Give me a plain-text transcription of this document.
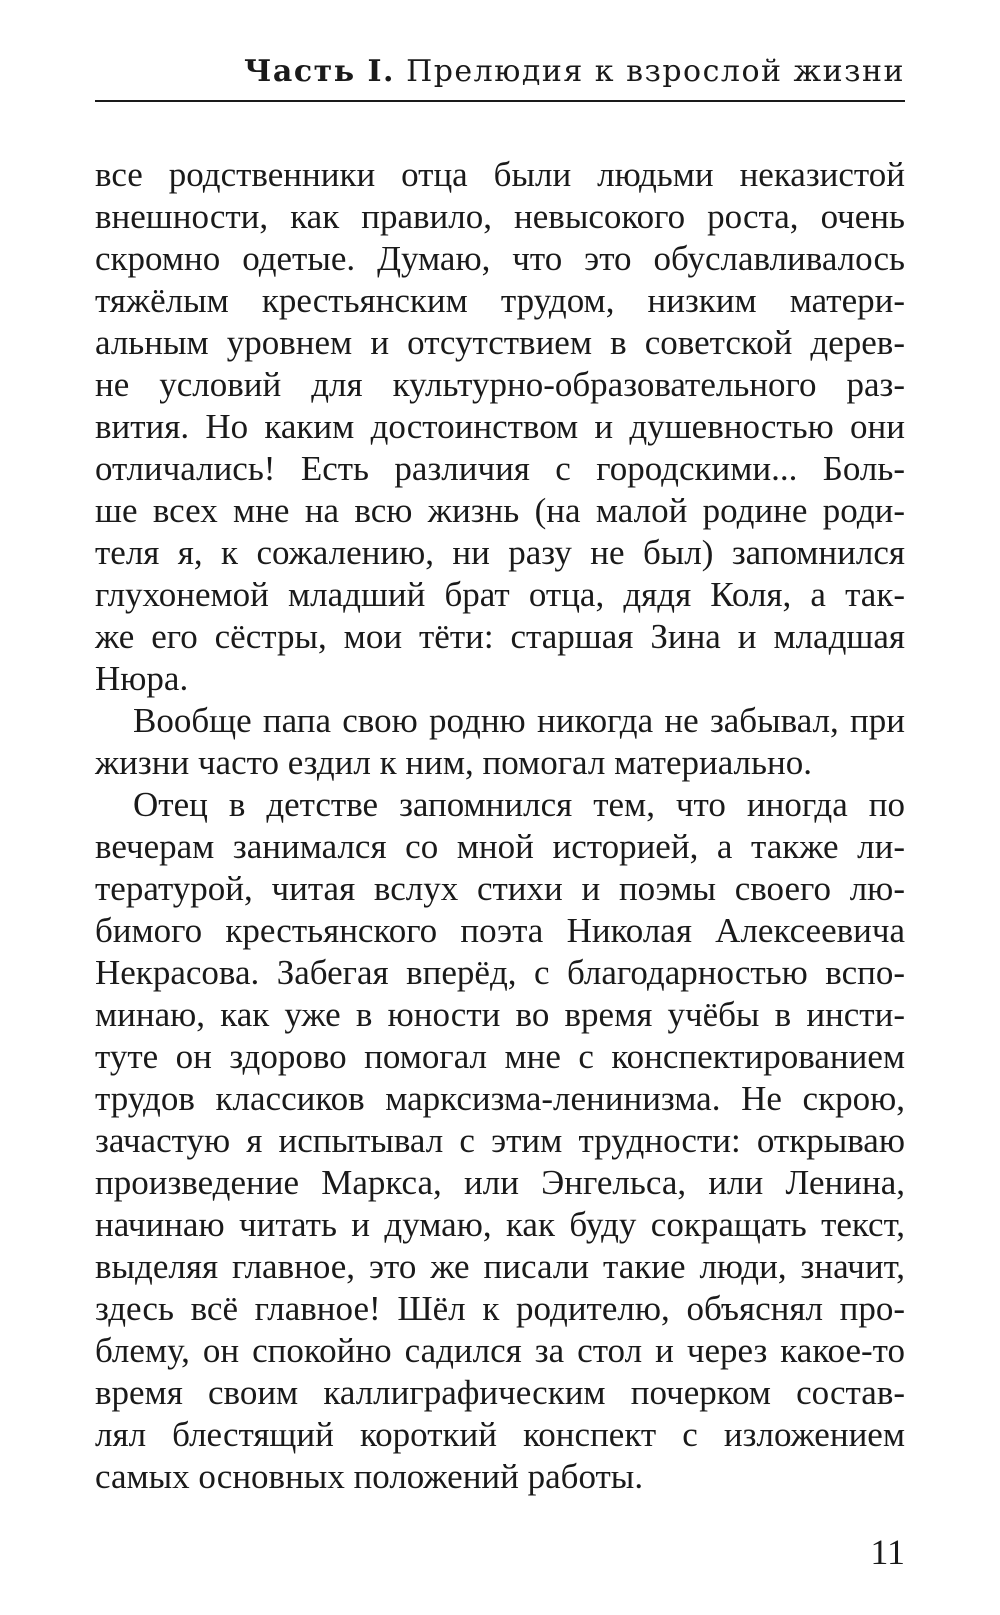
Часть I. Прелюдия к взрослой жизни
все родственники отца были людьми неказистой
внешности, как правило, невысокого роста, очень
скромно одетые. Думаю, что это обуславливалось
тяжёлым крестьянским трудом, низким матери-
альным уровнем и отсутствием в советской дерев-
не условий для культурно-образовательного раз-
вития. Но каким достоинством и душевностью они
отличались! Есть различия с городскими... Боль-
ше всех мне на всю жизнь (на малой родине роди-
теля я, к сожалению, ни разу не был) запомнился
глухонемой младший брат отца, дядя Коля, а так-
же его сёстры, мои тёти: старшая Зина и младшая
Нюра.
Вообще папа свою родню никогда не забывал, при
жизни часто ездил к ним, помогал материально.
Отец в детстве запомнился тем, что иногда по
вечерам занимался со мной историей, а также ли-
тературой, читая вслух стихи и поэмы своего лю-
бимого крестьянского поэта Николая Алексеевича
Некрасова. Забегая вперёд, с благодарностью вспо-
минаю, как уже в юности во время учёбы в инсти-
туте он здорово помогал мне с конспектированием
трудов классиков марксизма-ленинизма. Не скрою,
зачастую я испытывал с этим трудности: открываю
произведение Маркса, или Энгельса, или Ленина,
начинаю читать и думаю, как буду сокращать текст,
выделяя главное, это же писали такие люди, значит,
здесь всё главное! Шёл к родителю, объяснял про-
блему, он спокойно садился за стол и через какое-то
время своим каллиграфическим почерком состав-
лял блестящий короткий конспект с изложением
самых основных положений работы.
11
